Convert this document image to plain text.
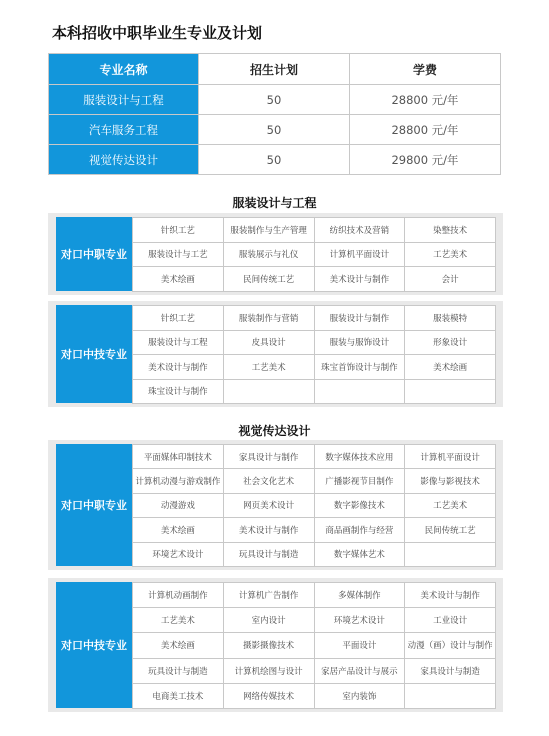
本科招收中职毕业生专业及计划
专业名称	招生计划	学费
服装设计与工程	50	28800 元/年
汽车服务工程	50	28800 元/年
视觉传达设计	50	29800 元/年
服装设计与工程
对口中职专业
针织工艺	服装制作与生产管理	纺织技术及营销	染整技术
服装设计与工艺	服装展示与礼仪	计算机平面设计	工艺美术
美术绘画	民间传统工艺	美术设计与制作	会计
对口中技专业
针织工艺	服装制作与营销	服装设计与制作	服装模特
服装设计与工程	皮具设计	服装与服饰设计	形象设计
美术设计与制作	工艺美术	珠宝首饰设计与制作	美术绘画
珠宝设计与制作
视觉传达设计
对口中职专业
平面媒体印制技术	家具设计与制作	数字媒体技术应用	计算机平面设计
计算机动漫与游戏制作	社会文化艺术	广播影视节目制作	影像与影视技术
动漫游戏	网页美术设计	数字影像技术	工艺美术
美术绘画	美术设计与制作	商品画制作与经营	民间传统工艺
环境艺术设计	玩具设计与制造	数字媒体艺术
对口中技专业
计算机动画制作	计算机广告制作	多媒体制作	美术设计与制作
工艺美术	室内设计	环境艺术设计	工业设计
美术绘画	摄影摄像技术	平面设计	动漫（画）设计与制作
玩具设计与制造	计算机绘图与设计	家居产品设计与展示	家具设计与制造
电商美工技术	网络传媒技术	室内装饰
